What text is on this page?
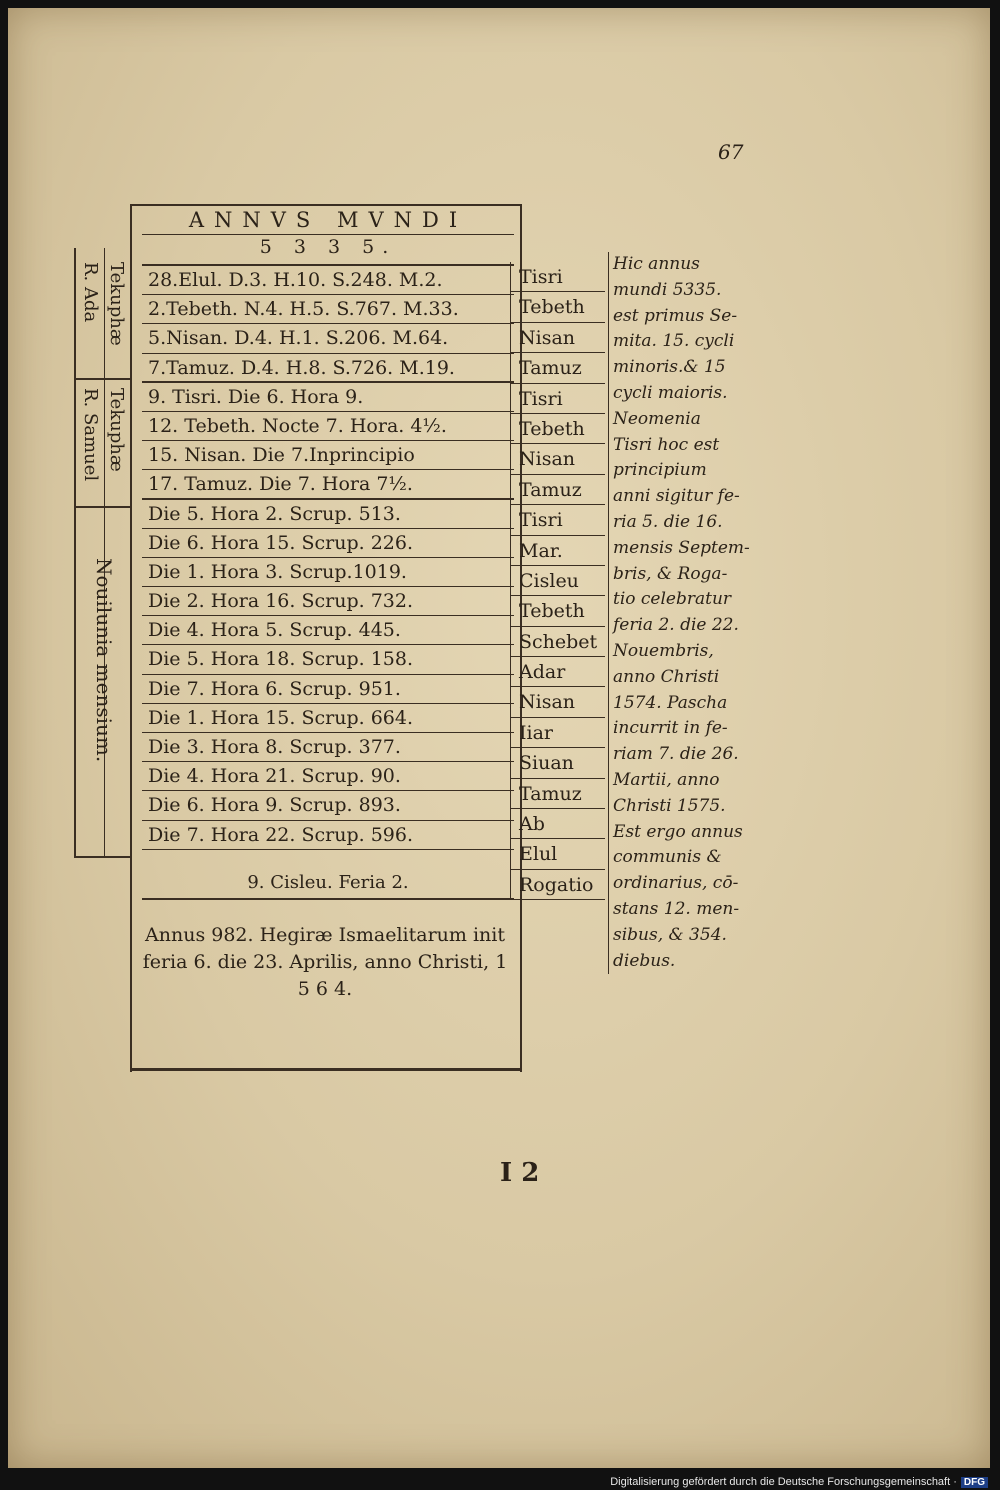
67
Tekuphæ
R. Ada
Tekuphæ
R. Samuel
Nouilunia mensium.
ANNVS MVNDI
5 3 3 5.
28.Elul. D.3. H.10. S.248. M.2.
2.Tebeth. N.4. H.5. S.767. M.33.
5.Nisan. D.4. H.1. S.206. M.64.
7.Tamuz. D.4. H.8. S.726. M.19.
9. Tisri. Die 6. Hora 9.
12. Tebeth. Nocte 7. Hora. 4½.
15. Nisan. Die 7.Inprincipio
17. Tamuz. Die 7. Hora 7½.
Die 5. Hora 2. Scrup. 513.
Die 6. Hora 15. Scrup. 226.
Die 1. Hora 3. Scrup.1019.
Die 2. Hora 16. Scrup. 732.
Die 4. Hora 5. Scrup. 445.
Die 5. Hora 18. Scrup. 158.
Die 7. Hora 6. Scrup. 951.
Die 1. Hora 15. Scrup. 664.
Die 3. Hora 8. Scrup. 377.
Die 4. Hora 21. Scrup. 90.
Die 6. Hora 9. Scrup. 893.
Die 7. Hora 22. Scrup. 596.
9. Cisleu. Feria 2.
Annus 982. Hegiræ Ismaelitarum init feria 6. die 23. Aprilis, anno Christi, 1 5 6 4.
Tisri
Tebeth
Nisan
Tamuz
Tisri
Tebeth
Nisan
Tamuz
Tisri
Mar.
Cisleu
Tebeth
Schebet
Adar
Nisan
Iiar
Siuan
Tamuz
Ab
Elul
Rogatio
Hic annus
mundi 5335.
est primus Se-
mita. 15. cycli
minoris.& 15
cycli maioris.
Neomenia
Tisri hoc est
principium
anni sigitur fe-
ria 5. die 16.
mensis Septem-
bris, & Roga-
tio celebratur
feria 2. die 22.
Nouembris,
anno Christi
1574. Pascha
incurrit in fe-
riam 7. die 26.
Martii, anno
Christi 1575.
Est ergo annus
communis &
ordinarius, cō-
stans 12. men-
sibus, & 354.
diebus.
I 2
Digitalisierung gefördert durch die Deutsche Forschungsgemeinschaft · DFG
